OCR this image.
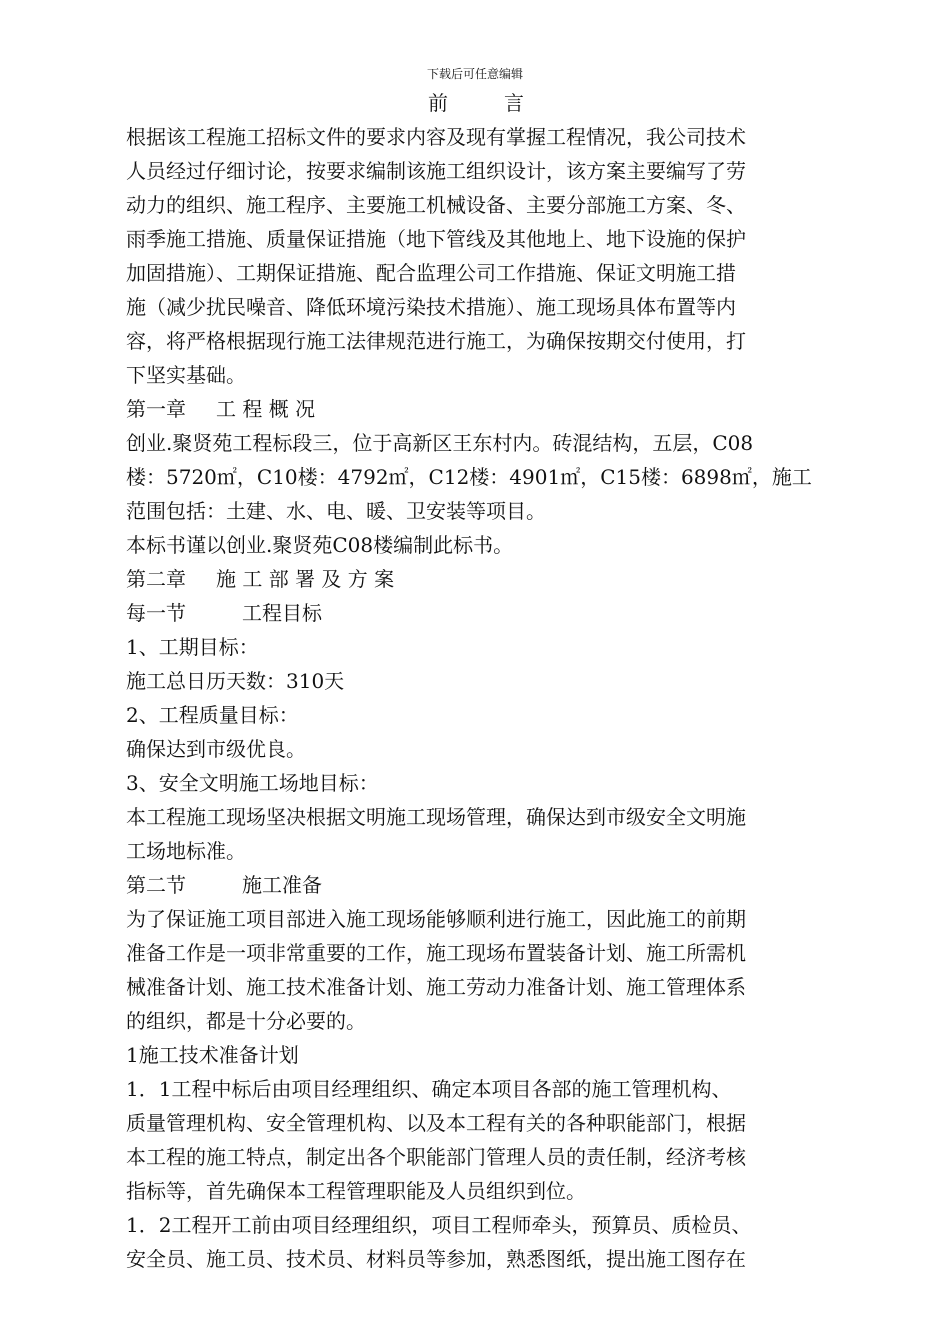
下载后可任意编辑

前	言

根据该工程施工招标文件的要求内容及现有掌握工程情况，我公司技术

人员经过仔细讨论，按要求编制该施工组织设计，该方案主要编写了劳

动力的组织、施工程序、主要施工机械设备、主要分部施工方案、冬、

雨季施工措施、质量保证措施（地下管线及其他地上、地下设施的保护

加固措施）、工期保证措施、配合监理公司工作措施、保证文明施工措

施（减少扰民噪音、降低环境污染技术措施）、施工现场具体布置等内

容，将严格根据现行施工法律规范进行施工，为确保按期交付使用，打

下坚实基础。

第一章 工 程 概 况

创业.聚贤苑工程标段三，位于高新区王东村内。砖混结构，五层，C08

楼：5720㎡，C10楼：4792㎡，C12楼：4901㎡，C15楼：6898㎡，施工

范围包括：土建、水、电、暖、卫安装等项目。

本标书谨以创业.聚贤苑C08楼编制此标书。

第二章 施 工 部 署 及 方 案

每一节	工程目标

1、工期目标：

施工总日历天数：310天

2、工程质量目标：

确保达到市级优良。

3、安全文明施工场地目标：

本工程施工现场坚决根据文明施工现场管理，确保达到市级安全文明施

工场地标准。

第二节	施工准备

为了保证施工项目部进入施工现场能够顺利进行施工，因此施工的前期

准备工作是一项非常重要的工作，施工现场布置装备计划、施工所需机

械准备计划、施工技术准备计划、施工劳动力准备计划、施工管理体系

的组织，都是十分必要的。

1施工技术准备计划

1．1工程中标后由项目经理组织、确定本项目各部的施工管理机构、

质量管理机构、安全管理机构、以及本工程有关的各种职能部门，根据

本工程的施工特点，制定出各个职能部门管理人员的责任制，经济考核

指标等，首先确保本工程管理职能及人员组织到位。

1．2工程开工前由项目经理组织，项目工程师牵头，预算员、质检员、

安全员、施工员、技术员、材料员等参加，熟悉图纸，提出施工图存在
